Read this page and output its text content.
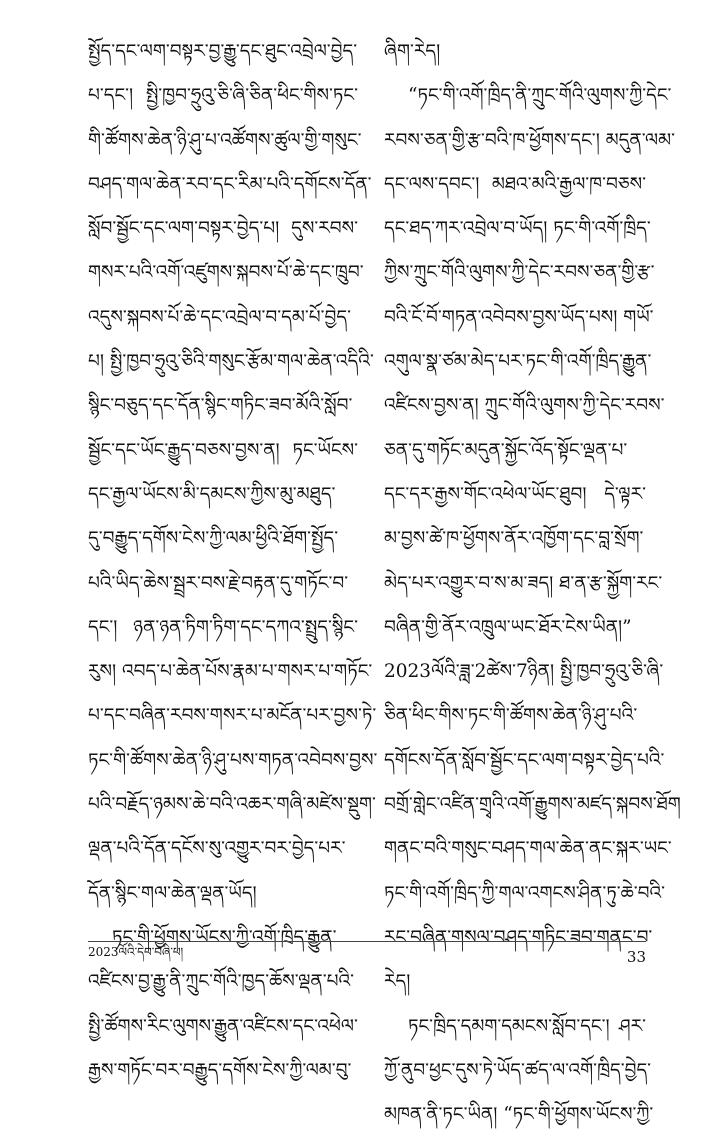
སྤྱོད་དང་ལག་བསྟར་བྱ་རྒྱུ་དང་ཐུང་འབྲེལ་བྱེད་
པ་དང་། སྤྱི་ཁྱབ་ཧྲུའུ་ཅི་ཞི་ཅིན་ཕིང་གིས་ཏང་
གི་ཚོགས་ཆེན་ཉི་ཤུ་པ་འཚོགས་ཚུལ་གྱི་གསུང་
བཤད་གལ་ཆེན་རབ་དང་རིམ་པའི་དགོངས་དོན་
སློབ་སྦྱོང་དང་ལག་བསྟར་བྱེད་པ། དུས་རབས་
གསར་པའི་འགོ་འཛུགས་སྐབས་པོ་ཆེ་དང་ཁྲུབ་
འདུས་སྐབས་པོ་ཆེ་དང་འབྲེལ་བ་དམ་པོ་བྱེད་
པ། སྤྱི་ཁྱབ་ཧྲུའུ་ཅིའི་གསུང་རྩོམ་གལ་ཆེན་འདིའི་
སྙིང་བཅུད་དང་དོན་སྙིང་གཏིང་ཟབ་མོའི་སློབ་
སྦྱོང་དང་ཡོང་རྒྱུད་བཅས་བྱས་ན། ཏང་ཡོངས་
དང་རྒྱལ་ཡོངས་མི་དམངས་ཀྱིས་མུ་མཐུད་
དུ་བརྒྱུད་དགོས་ངེས་ཀྱི་ལམ་ཕྱིའི་ཐོག་སྤྱོད་
པའི་ཡིད་ཆེས་སྦྲར་བས་རྗེ་བརྟན་དུ་གཏོང་བ་
དང་། ཉན་ཉན་ཏིག་ཏིག་དང་དཀའ་སྤྲུད་སྙིང་
རུས། འབད་པ་ཆེན་པོས་རྣམ་པ་གསར་པ་གཏོང་
པ་དང་བཞིན་རབས་གསར་པ་མངོན་པར་བྱས་ཏེ་
ཏང་གི་ཚོགས་ཆེན་ཉི་ཤུ་པས་གཏན་འབེབས་བྱས་
པའི་བརྗོད་ཉམས་ཆེ་བའི་འཆར་གཞི་མཛེས་སྡུག་
ལྡན་པའི་དོན་དངོས་སུ་འགྱུར་བར་བྱེད་པར་
དོན་སྙིང་གལ་ཆེན་ལྡན་ཡོད།
ཏང་གི་ཕྱོགས་ཡོངས་ཀྱི་འགོ་ཁྲིད་རྒྱུན་
འཛིངས་བྱ་རྒྱུ་ནི་ཀྲུང་གོའི་ཁྱད་ཆོས་ལྡན་པའི་
སྤྱི་ཚོགས་རིང་ལུགས་རྒྱུན་འཛིངས་དང་འཕེལ་
རྒྱས་གཏོང་བར་བརྒྱུད་དགོས་ངེས་ཀྱི་ལམ་བུ་
ཞིག་རེད།
“ཏང་གི་འགོ་ཁྲིད་ནི་ཀྲུང་གོའི་ལུགས་ཀྱི་དེང་
རབས་ཅན་གྱི་རྩ་བའི་ཁ་ཕྱོགས་དང་། མདུན་ལམ་
དང་ལས་དབང་། མཐའ་མའི་རྒྱལ་ཁ་བཅས་
དང་ཐད་ཀར་འབྲེལ་བ་ཡོད། ཏང་གི་འགོ་ཁྲིད་
ཀྱིས་ཀྲུང་གོའི་ལུགས་ཀྱི་དེང་རབས་ཅན་གྱི་རྩ་
བའི་ངོ་བོ་གཏན་འབེབས་བྱས་ཡོད་པས། གཡོ་
འགུལ་སྣ་ཙམ་མེད་པར་ཏང་གི་འགོ་ཁྲིད་རྒྱུན་
འཛིངས་བྱས་ན། ཀྲུང་གོའི་ལུགས་ཀྱི་དེང་རབས་
ཅན་དུ་གཏོང་མདུན་སྐྱོང་འོད་སྟོང་ལྡན་པ་
དང་དར་རྒྱས་གོང་འཕེལ་ཡོང་ཐུབ། དེ་ལྟར་
མ་བྱས་ཚེ་ཁ་ཕྱོགས་ནོར་འཁྱོག་དང་བླ་སྲོག་
མེད་པར་འགྱུར་བ་ས་མ་ཟད། ཐ་ན་རྩ་སྐྱོག་རང་
བཞིན་གྱི་ནོར་འཁྲུལ་ཡང་ཐོར་ངེས་ཡིན།”
2023ལོའི་ཟླ་2ཚེས་7ཉིན། སྤྱི་ཁྱབ་ཧྲུའུ་ཅི་ཞི་
ཅིན་ཕིང་གིས་ཏང་གི་ཚོགས་ཆེན་ཉི་ཤུ་པའི་
དགོངས་དོན་སློབ་སྦྱོང་དང་ལག་བསྟར་བྱེད་པའི་
བགྲོ་གླེང་འཛིན་གྲྭའི་འགོ་རྒྱུགས་མཛད་སྐབས་ཐོག
གནང་བའི་གསུང་བཤད་གལ་ཆེན་ནང་སྐར་ཡང་
ཏང་གི་འགོ་ཁྲིད་ཀྱི་གལ་འགངས་ཤིན་ཏུ་ཆེ་བའི་
རང་བཞིན་གསལ་བཤད་གཏིང་ཟབ་གནང་བ་
རེད།
ཏང་ཁྲིད་དམག་དམངས་སློབ་དང་། ཤར་
ཀྱོ་ནུབ་ཕྱང་དུས་ཏེ་ཡོད་ཚད་ལ་འགོ་ཁྲིད་བྱེད་
མཁན་ནི་ཏང་ཡིན། “ཏང་གི་ཕྱོགས་ཡོངས་ཀྱི་
2023ལོའི་དེབ་བཞི་པ།	33
